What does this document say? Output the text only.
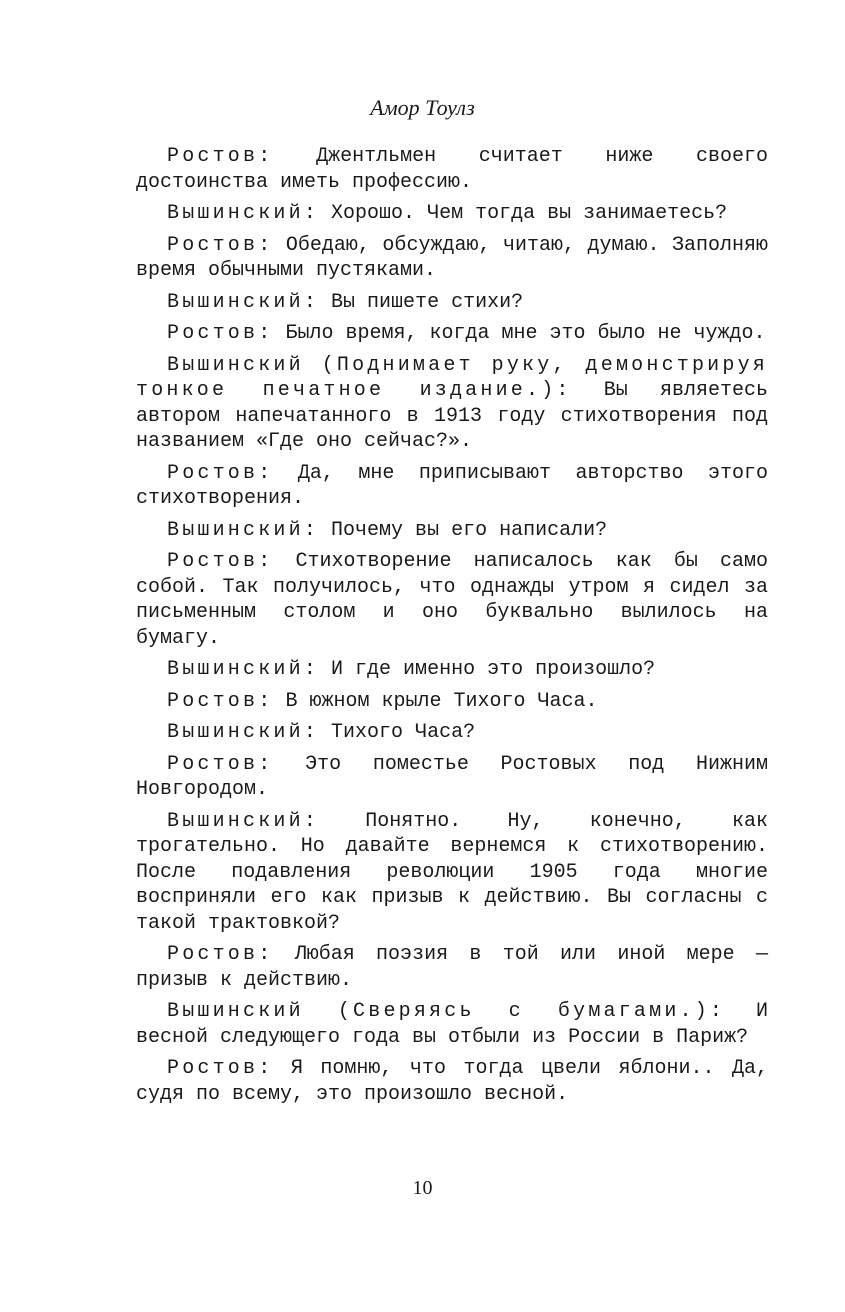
Амор Тоулз

Ростов: Джентльмен считает ниже своего достоинства иметь профессию.

Вышинский: Хорошо. Чем тогда вы занимаетесь?

Ростов: Обедаю, обсуждаю, читаю, думаю. Заполняю время обычными пустяками.

Вышинский: Вы пишете стихи?

Ростов: Было время, когда мне это было не чуждо.

Вышинский (Поднимает руку, демонстрируя тонкое печатное издание.): Вы являетесь автором напечатанного в 1913 году стихотворения под названием «Где оно сейчас?».

Ростов: Да, мне приписывают авторство этого стихотворения.

Вышинский: Почему вы его написали?

Ростов: Стихотворение написалось как бы само собой. Так получилось, что однажды утром я сидел за письменным столом и оно буквально вылилось на бумагу.

Вышинский: И где именно это произошло?

Ростов: В южном крыле Тихого Часа.

Вышинский: Тихого Часа?

Ростов: Это поместье Ростовых под Нижним Новгородом.

Вышинский: Понятно. Ну, конечно, как трогательно. Но давайте вернемся к стихотворению. После подавления революции 1905 года многие восприняли его как призыв к действию. Вы согласны с такой трактовкой?

Ростов: Любая поэзия в той или иной мере — призыв к действию.

Вышинский (Сверяясь с бумагами.): И весной следующего года вы отбыли из России в Париж?

Ростов: Я помню, что тогда цвели яблони.. Да, судя по всему, это произошло весной.

10
